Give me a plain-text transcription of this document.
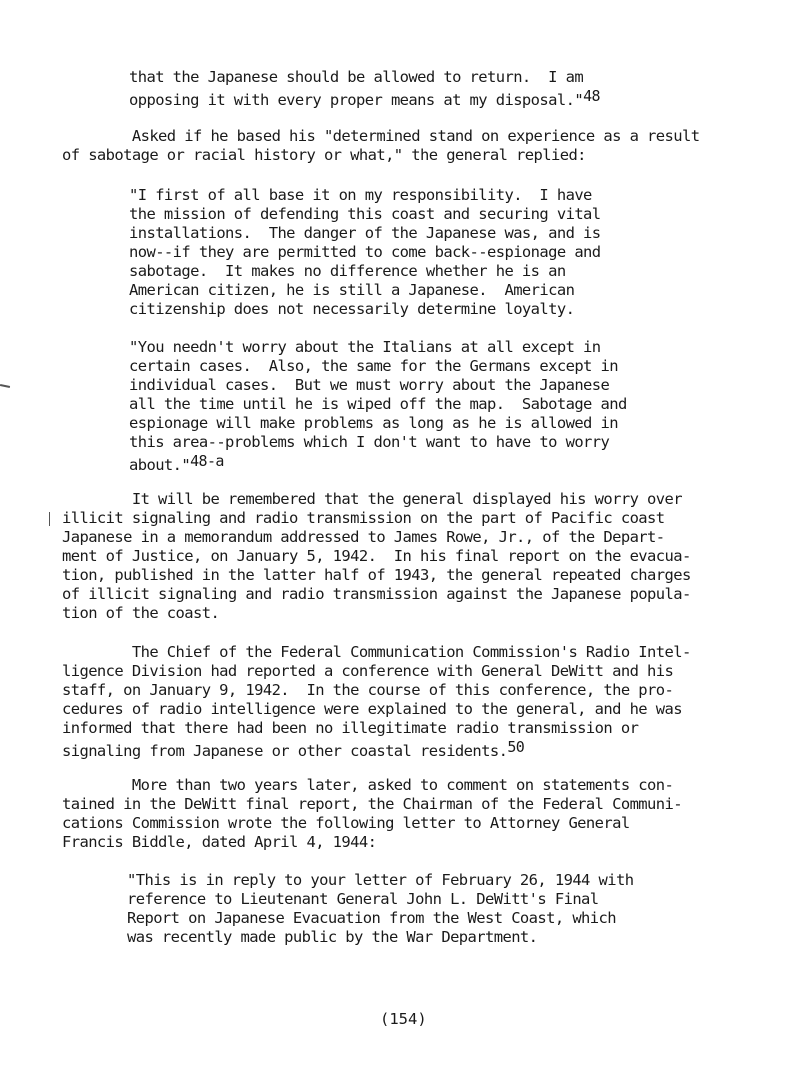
that the Japanese should be allowed to return.  I am
opposing it with every proper means at my disposal."48
Asked if he based his "determined stand on experience as a result
of sabotage or racial history or what," the general replied:
"I first of all base it on my responsibility.  I have
the mission of defending this coast and securing vital
installations.  The danger of the Japanese was, and is
now--if they are permitted to come back--espionage and
sabotage.  It makes no difference whether he is an
American citizen, he is still a Japanese.  American
citizenship does not necessarily determine loyalty.
"You needn't worry about the Italians at all except in
certain cases.  Also, the same for the Germans except in
individual cases.  But we must worry about the Japanese
all the time until he is wiped off the map.  Sabotage and
espionage will make problems as long as he is allowed in
this area--problems which I don't want to have to worry
about."48-a
It will be remembered that the general displayed his worry over
illicit signaling and radio transmission on the part of Pacific coast
Japanese in a memorandum addressed to James Rowe, Jr., of the Depart-
ment of Justice, on January 5, 1942.  In his final report on the evacua-
tion, published in the latter half of 1943, the general repeated charges
of illicit signaling and radio transmission against the Japanese popula-
tion of the coast.
The Chief of the Federal Communication Commission's Radio Intel-
ligence Division had reported a conference with General DeWitt and his
staff, on January 9, 1942.  In the course of this conference, the pro-
cedures of radio intelligence were explained to the general, and he was
informed that there had been no illegitimate radio transmission or
signaling from Japanese or other coastal residents.50
More than two years later, asked to comment on statements con-
tained in the DeWitt final report, the Chairman of the Federal Communi-
cations Commission wrote the following letter to Attorney General
Francis Biddle, dated April 4, 1944:
"This is in reply to your letter of February 26, 1944 with
reference to Lieutenant General John L. DeWitt's Final
Report on Japanese Evacuation from the West Coast, which
was recently made public by the War Department.
(154)
